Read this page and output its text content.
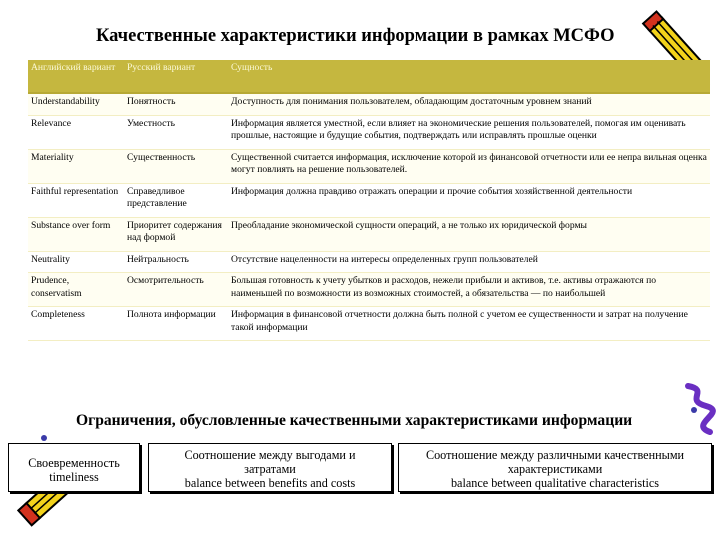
Качественные характеристики информации в рамках МСФО
Английский вариант	Русский вариант	Сущность
Understandability	Понятность	Доступность для понимания пользователем, обладающим достаточным уровнем знаний
Relevance	Уместность	Информация является уместной, если влияет на экономические решения пользователей, помогая им оценивать прошлые, настоящие и будущие события, подтверждать или исправлять прошлые оценки
Materiality	Существенность	Существенной считается информация, исключение которой из финансовой отчетности или ее непра вильная оценка могут повлиять на решение пользователей.
Faithful representation	Справедливое представление	Информация должна правдиво отражать операции и прочие события хозяйственной деятельности
Substance over form	Приоритет содержания над формой	Преобладание экономической сущности операций, а не только их юридической формы
Neutrality	Нейтральность	Отсутствие нацеленности на интересы определенных групп пользователей
Prudence, conservatism	Осмотрительность	Большая готовность к учету убытков и расходов, нежели прибыли и активов, т.е. активы отражаются по наименьшей по возможности из возможных стоимостей, а обязательства — по наибольшей
Completeness	Полнота информации	Информация в финансовой отчетности должна быть полной с учетом ее существенности и затрат на получение такой информации
Ограничения, обусловленные качественными характеристиками информации
Своевременность
timeliness
Соотношение между выгодами и
затратами
balance between benefits and costs
Соотношение между различными качественными
характеристиками
balance between qualitative characteristics
